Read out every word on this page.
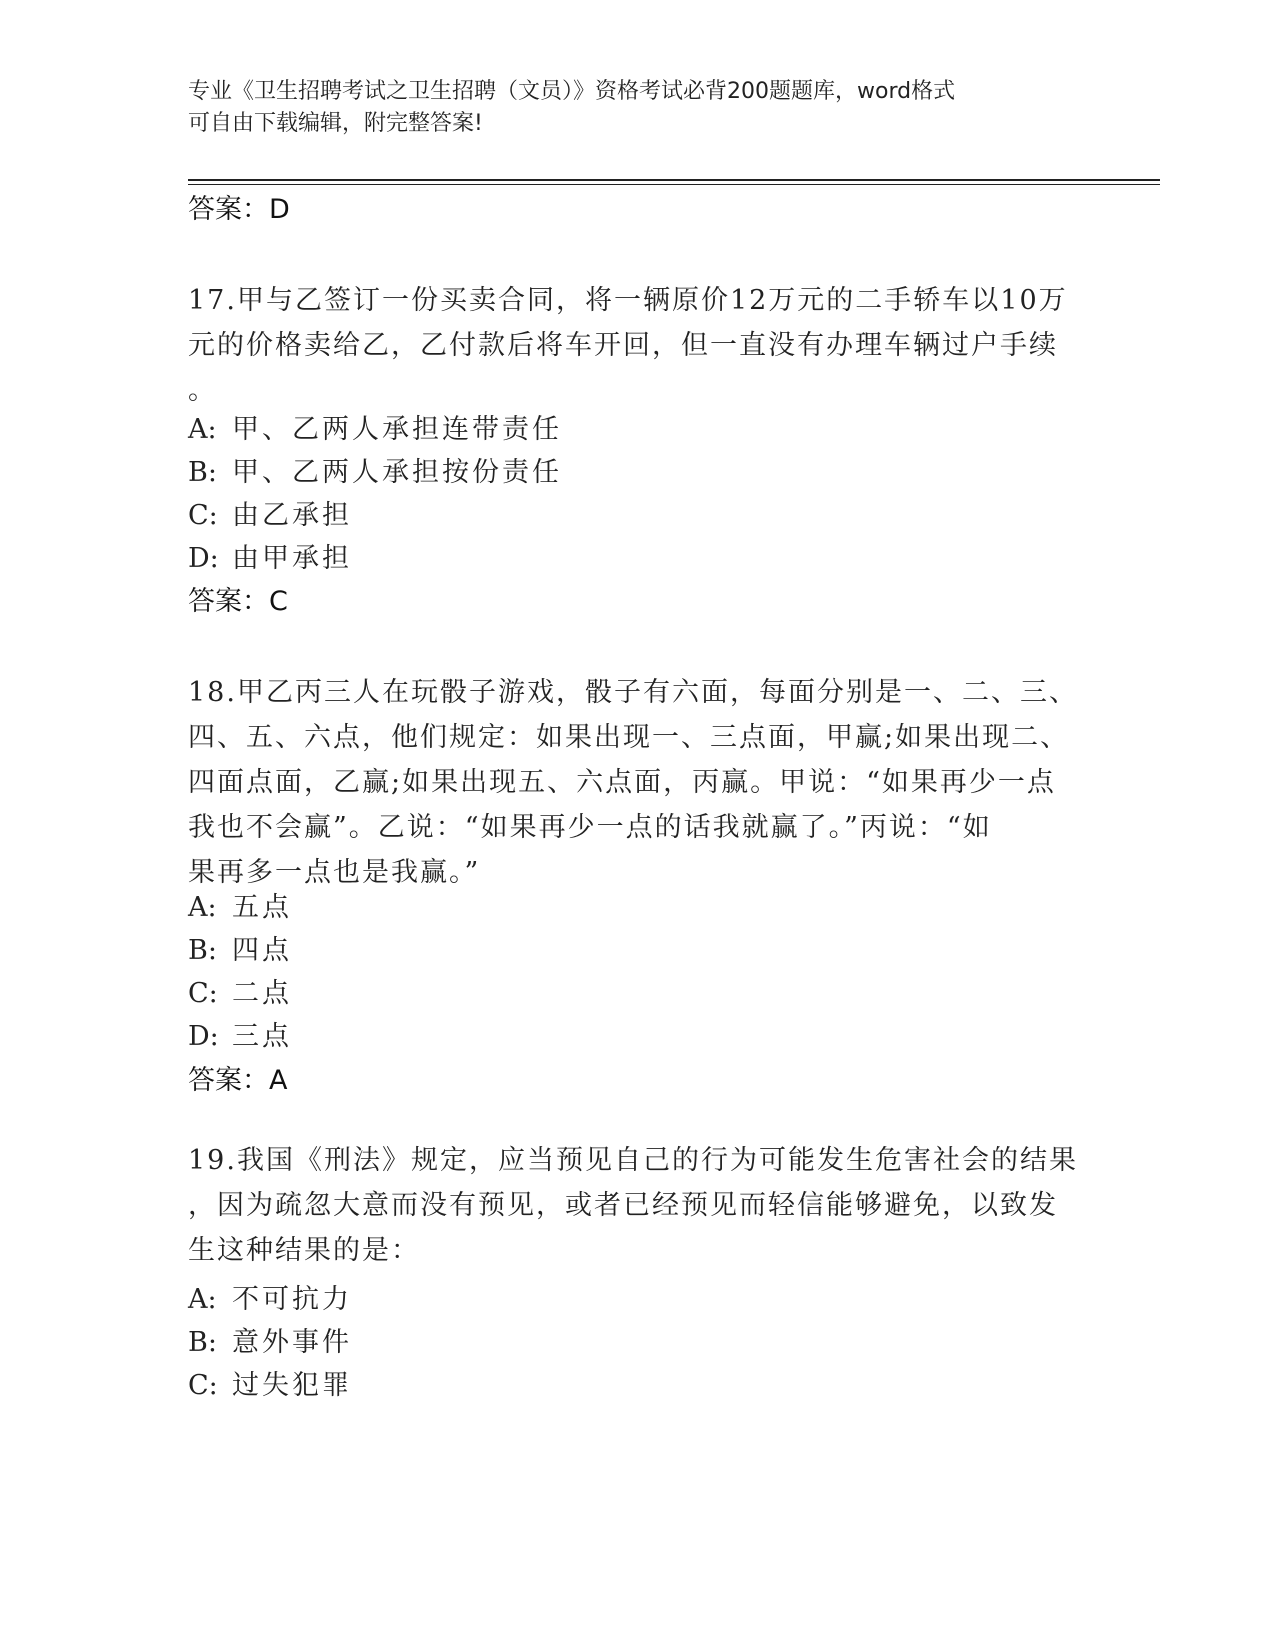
专业《卫生招聘考试之卫生招聘（文员）》资格考试必背200题题库，word格式
可自由下载编辑，附完整答案!
答案：D
17.甲与乙签订一份买卖合同，将一辆原价12万元的二手轿车以10万
元的价格卖给乙，乙付款后将车开回，但一直没有办理车辆过户手续
。
A: 甲、乙两人承担连带责任
B: 甲、乙两人承担按份责任
C: 由乙承担
D: 由甲承担
答案：C
18.甲乙丙三人在玩骰子游戏，骰子有六面，每面分别是一、二、三、
四、五、六点，他们规定：如果出现一、三点面，甲赢;如果出现二、
四面点面，乙赢;如果出现五、六点面，丙赢。甲说：“如果再少一点
我也不会赢”。乙说：“如果再少一点的话我就赢了。”丙说：“如
果再多一点也是我赢。”
A: 五点
B: 四点
C: 二点
D: 三点
答案：A
19.我国《刑法》规定，应当预见自己的行为可能发生危害社会的结果
，因为疏忽大意而没有预见，或者已经预见而轻信能够避免，以致发
生这种结果的是：
A: 不可抗力
B: 意外事件
C: 过失犯罪
